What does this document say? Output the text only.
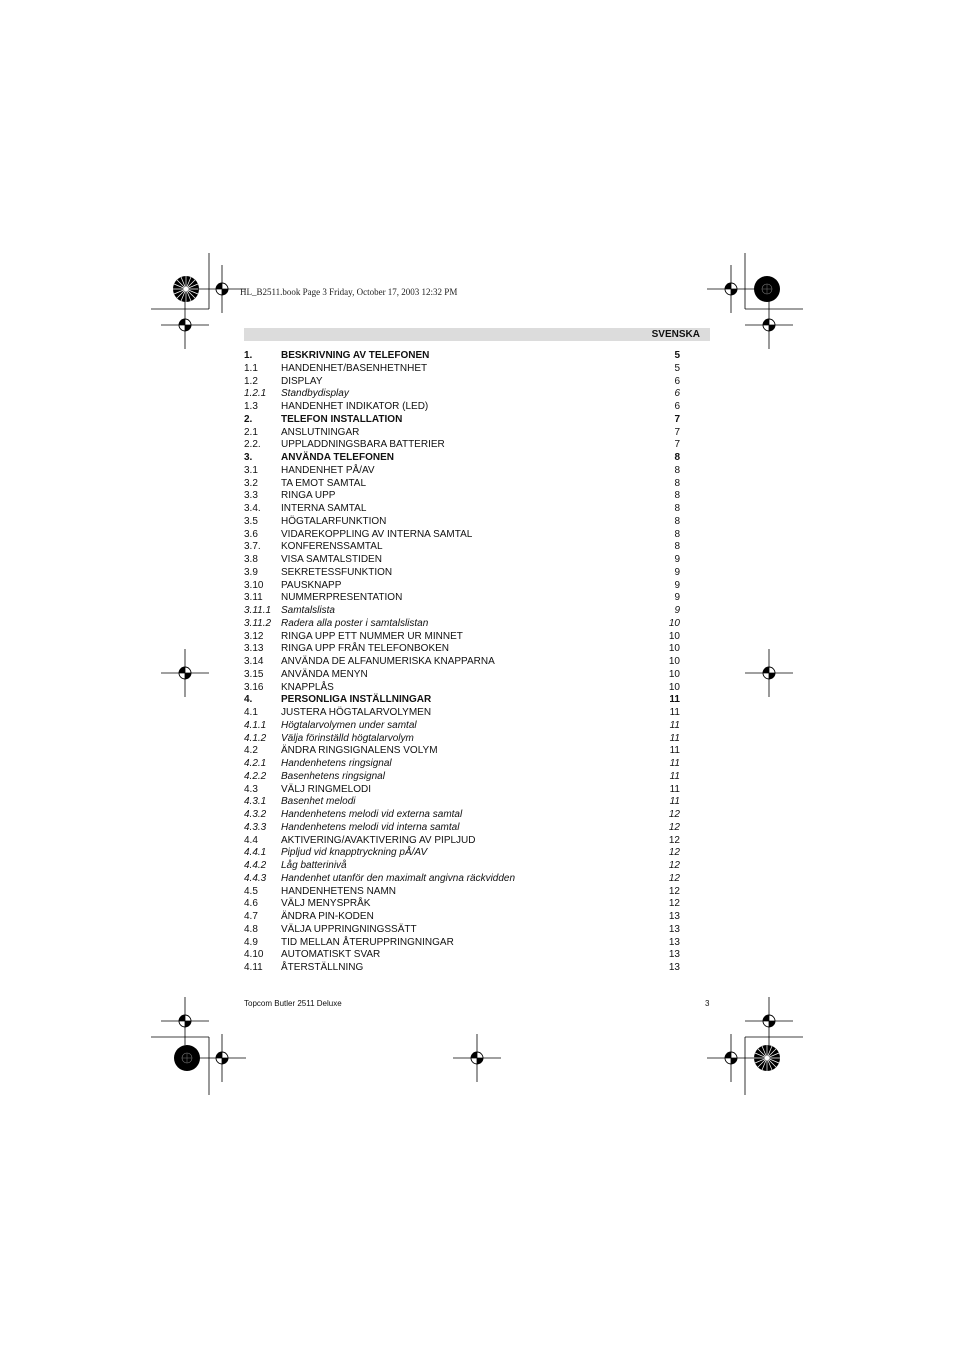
HL_B2511.book Page 3 Friday, October 17, 2003 12:32 PM
SVENSKA
1.	BESKRIVNING AV TELEFONEN	5
1.1 HANDENHET/BASENHETNHET	5
1.2 DISPLAY	6
1.2.1 Standbydisplay	6
1.3 HANDENHET INDIKATOR (LED)	6
2.	TELEFON INSTALLATION	7
2.1 ANSLUTNINGAR	7
2.2. UPPLADDNINGSBARA BATTERIER	7
3.	ANVÄNDA TELEFONEN	8
3.1 HANDENHET PÅ/AV	8
3.2 TA EMOT SAMTAL	8
3.3 RINGA UPP	8
3.4. INTERNA SAMTAL	8
3.5 HÖGTALARFUNKTION	8
3.6 VIDAREKOPPLING AV INTERNA SAMTAL	8
3.7. KONFERENSSAMTAL	8
3.8 VISA SAMTALSTIDEN	9
3.9 SEKRETESSFUNKTION	9
3.10 PAUSKNAPP	9
3.11 NUMMERPRESENTATION	9
3.11.1 Samtalslista	9
3.11.2 Radera alla poster i samtalslistan	10
3.12 RINGA UPP ETT NUMMER UR MINNET	10
3.13 RINGA UPP FRÅN TELEFONBOKEN	10
3.14 ANVÄNDA DE ALFANUMERISKA KNAPPARNA	10
3.15 ANVÄNDA MENYN	10
3.16 KNAPPLÅS	10
4.	PERSONLIGA INSTÄLLNINGAR	11
4.1 JUSTERA HÖGTALARVOLYMEN	11
4.1.1 Högtalarvolymen under samtal	11
4.1.2 Välja förinställd högtalarvolym	11
4.2 ÄNDRA RINGSIGNALENS VOLYM	11
4.2.1 Handenhetens ringsignal	11
4.2.2 Basenhetens ringsignal	11
4.3 VÄLJ RINGMELODI	11
4.3.1 Basenhet melodi	11
4.3.2 Handenhetens melodi vid externa samtal	12
4.3.3 Handenhetens melodi vid interna samtal	12
4.4 AKTIVERING/AVAKTIVERING AV PIPLJUD	12
4.4.1 Pipljud vid knapptryckning pÅ/AV	12
4.4.2 Låg batterinivå	12
4.4.3 Handenhet utanför den maximalt angivna räckvidden	12
4.5 HANDENHETENS NAMN	12
4.6 VÄLJ MENYSPRÅK	12
4.7 ÄNDRA PIN-KODEN	13
4.8 VÄLJA UPPRINGNINGSSÄTT	13
4.9 TID MELLAN ÅTERUPPRINGNINGAR	13
4.10 AUTOMATISKT SVAR	13
4.11 ÅTERSTÄLLNING	13
Topcom Butler 2511 Deluxe	3
